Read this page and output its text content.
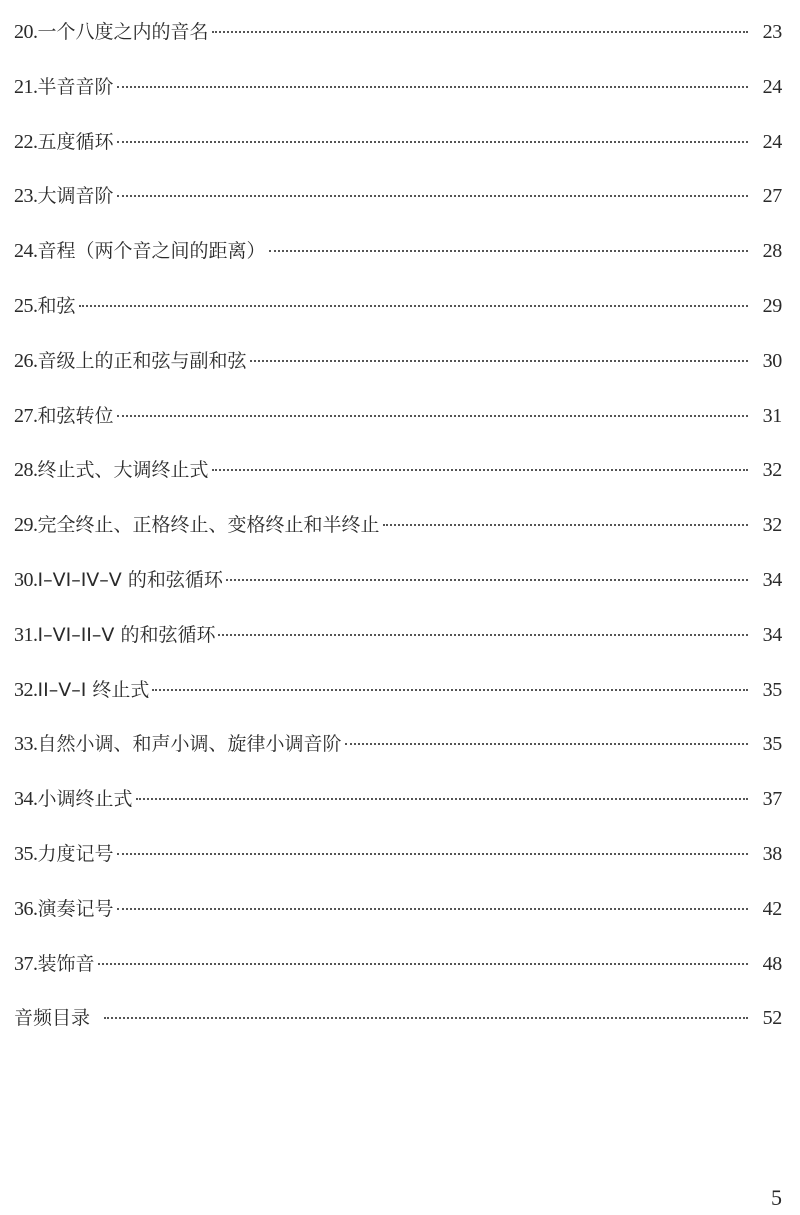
20. 一个八度之内的音名	23
21. 半音音阶	24
22. 五度循环	24
23. 大调音阶	27
24. 音程（两个音之间的距离）	28
25. 和弦	29
26. 音级上的正和弦与副和弦	30
27. 和弦转位	31
28. 终止式、大调终止式	32
29. 完全终止、正格终止、变格终止和半终止	32
30. I–VI–IV–V 的和弦循环	34
31. I–VI–II–V 的和弦循环	34
32. II–V–I 终止式	35
33. 自然小调、和声小调、旋律小调音阶	35
34. 小调终止式	37
35. 力度记号	38
36. 演奏记号	42
37. 装饰音	48
音频目录	52
5
